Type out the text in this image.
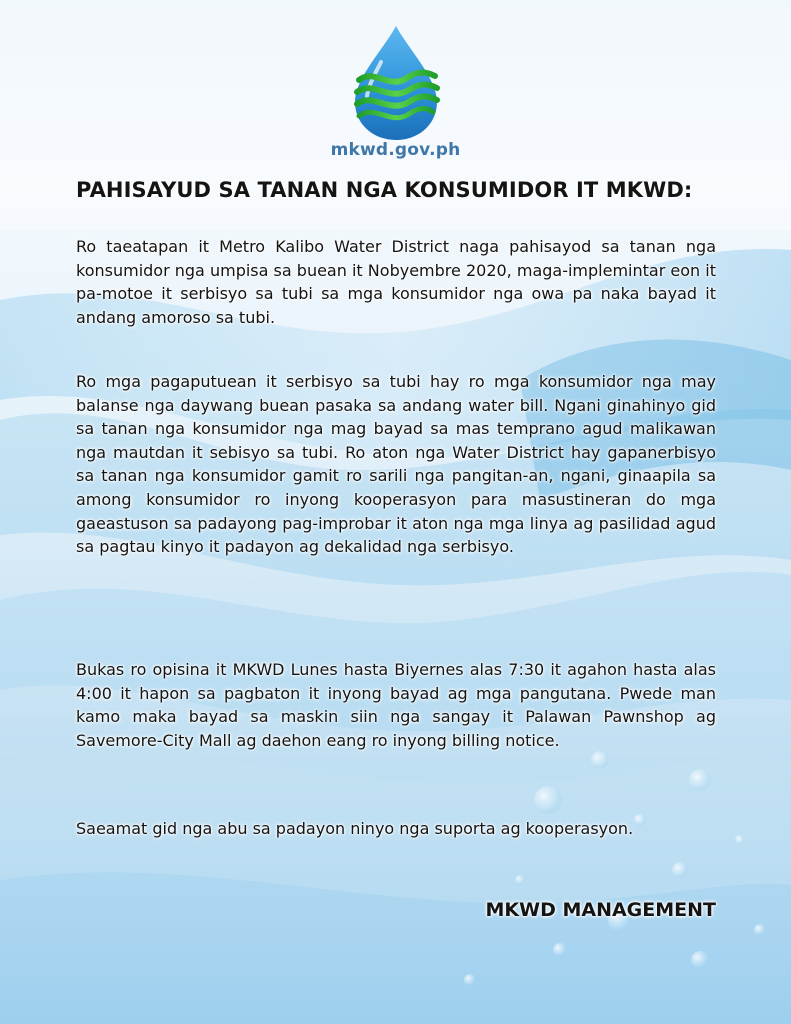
mkwd.gov.ph
PAHISAYUD SA TANAN NGA KONSUMIDOR IT MKWD:

Ro taeatapan it Metro Kalibo Water District naga pahisayod sa tanan nga konsumidor nga umpisa sa buean it Nobyembre 2020, maga-implemintar eon it pa-motoe it serbisyo sa tubi sa mga konsumidor nga owa pa naka bayad it andang amoroso sa tubi.

Ro mga pagaputuean it serbisyo sa tubi hay ro mga konsumidor nga may balanse nga daywang buean pasaka sa andang water bill. Ngani ginahinyo gid sa tanan nga konsumidor nga mag bayad sa mas temprano agud malikawan nga mautdan it sebisyo sa tubi. Ro aton nga Water District hay gapanerbisyo sa tanan nga konsumidor gamit ro sarili nga pangitan-an, ngani, ginaapila sa among konsumidor ro inyong kooperasyon para masustineran do mga gaeastuson sa padayong pag-improbar it aton nga mga linya ag pasilidad agud sa pagtau kinyo it padayon ag dekalidad nga serbisyo.

Bukas ro opisina it MKWD Lunes hasta Biyernes alas 7:30 it agahon hasta alas 4:00 it hapon sa pagbaton it inyong bayad ag mga pangutana. Pwede man kamo maka bayad sa maskin siin nga sangay it Palawan Pawnshop ag Savemore-City Mall ag daehon eang ro inyong billing notice.

Saeamat gid nga abu sa padayon ninyo nga suporta ag kooperasyon.

MKWD MANAGEMENT
